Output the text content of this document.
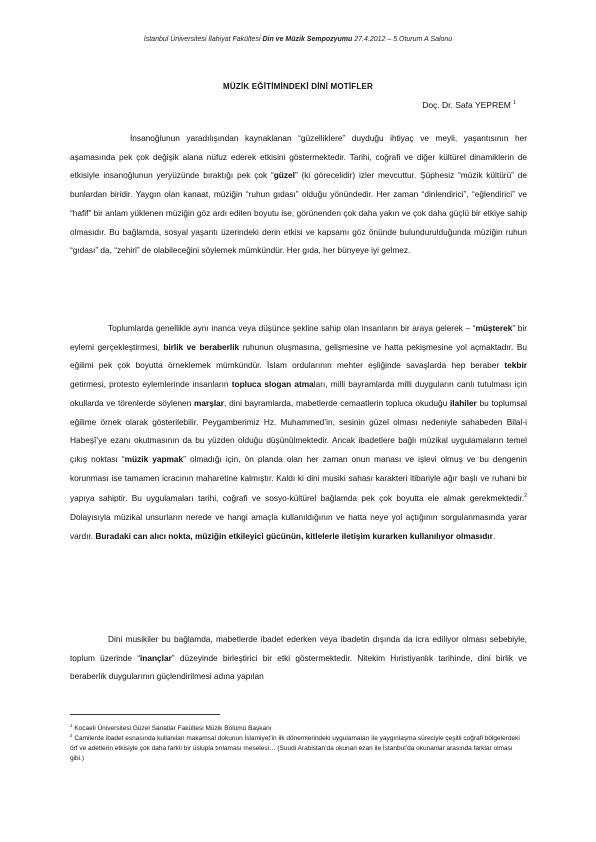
İstanbul Üniversitesi İlahiyat Fakültesi Din ve Müzik Sempozyumu 27.4.2012 – 5.Oturum A Salonu
MÜZİK EĞİTİMİNDEKİ DİNİ MOTİFLER
Doç. Dr. Safa YEPREM $^1$

İnsanoğlunun yaradılışından kaynaklanan “güzelliklere” duyduğu ihtiyaç ve meyli, yaşantısının her aşamasında pek çok değişik alana nüfuz ederek etkisini göstermektedir. Tarihi, coğrafi ve diğer kültürel dinamiklerin de etkisiyle insanoğlunun yeryüzünde bıraktığı pek çok “güzel” (ki görecelidir) izler mevcuttur. Şüphesiz “müzik kültürü” de bunlardan biridir. Yaygın olan kanaat, müziğin “ruhun gıdası” olduğu yönündedir. Her zaman “dinlendirici”, “eğlendirici” ve “hafif” bir anlam yüklenen müziğin göz ardı edilen boyutu ise, görünenden çok daha yakın ve çok daha güçlü bir etkiye sahip olmasıdır. Bu bağlamda, sosyal yaşantı üzerindeki derin etkisi ve kapsamı göz önünde bulundurulduğunda müziğin ruhun “gıdası” da, “zehiri” de olabileceğini söylemek mümkündür. Her gıda, her bünyeye iyi gelmez.

Toplumlarda genellikle aynı inanca veya düşünce şekline sahip olan insanların bir araya gelerek – “müşterek” bir eylemi gerçekleştirmesi, birlik ve beraberlik ruhunun oluşmasına, gelişmesine ve hatta pekişmesine yol açmaktadır. Bu eğilimi pek çok boyutta örneklemek mümkündür. İslam ordularının mehter eşliğinde savaşlarda hep beraber tekbir getirmesi, protesto eylemlerinde insanların topluca slogan atmaları, milli bayramlarda milli duyguların canlı tutulması için okullarda ve törenlerde söylenen marşlar, dini bayramlarda, mabetlerde cemaatlerin topluca okuduğu ilahiler bu toplumsal eğilime örnek olarak gösterilebilir. Peygamberimiz Hz. Muhammed’in, sesinin güzel olması nedeniyle sahabeden Bilal-i Habeşî’ye ezanı okutmasının da bu yüzden olduğu düşünülmektedir. Ancak ibadetlere bağlı müzikal uygulamaların temel çıkış noktası “müzik yapmak” olmadığı için, ön planda olan her zaman onun manası ve işlevi olmuş ve bu dengenin korunması ise tamamen icracının maharetine kalmıştır. Kaldı ki dini musiki sahası karakteri itibariyle ağır başlı ve ruhani bir yapıya sahiptir. Bu uygulamaları tarihi, coğrafi ve sosyo-kültürel bağlamda pek çok boyutta ele almak gerekmektedir.$^2$ Dolayısıyla müzikal unsurların nerede ve hangi amaçla kullanıldığının ve hatta neye yol açtığının sorgulanmasında yarar vardır. Buradaki can alıcı nokta, müziğin etkileyici gücünün, kitlelerle iletişim kurarken kullanılıyor olmasıdır.

Dini musikiler bu bağlamda, mabetlerde ibadet ederken veya ibadetin dışında da icra ediliyor olması sebebiyle, toplum üzerinde “inançlar” düzeyinde birleştirici bir etki göstermektedir. Nitekim Hıristiyanlık tarihinde, dini birlik ve beraberlik duygularının güçlendirilmesi adına yapılan

$^1$ Kocaeli Üniversitesi Güzel Sanatlar Fakültesi Müzik Bölümü Başkanı
$^2$ Camilerde ibadet esnasında kullanılan makamsal dokunun İslamiyet’in ilk dönemlerindeki uygulamaları ile yaygınlaşma süreciyle çeşitli coğrafi bölgelerdeki örf ve adetlerin etkisiyle çok daha farklı bir üslupla tınlaması meselesi… (Suudi Arabistan’da okunan ezan ile İstanbul’da okunanlar arasında farklar olması gibi.)
